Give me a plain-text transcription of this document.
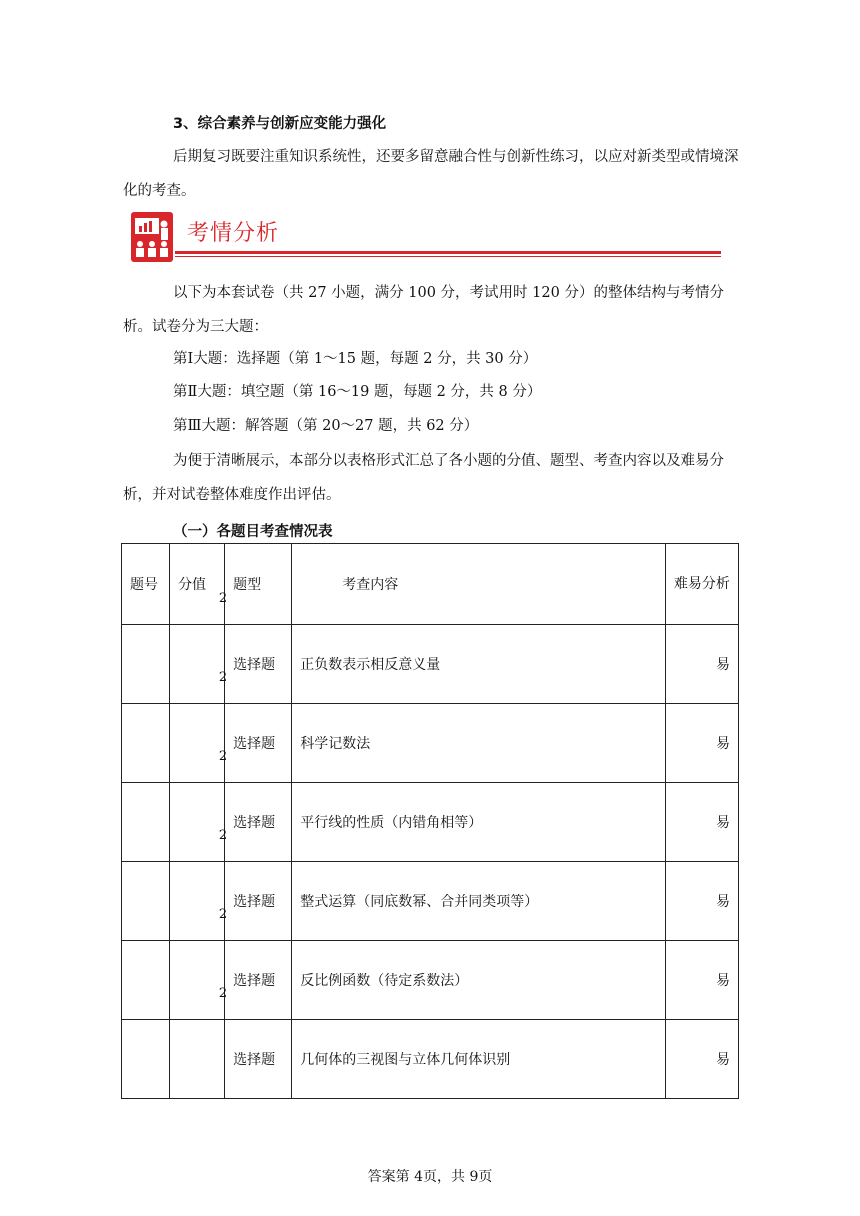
3、综合素养与创新应变能力强化
后期复习既要注重知识系统性，还要多留意融合性与创新性练习，以应对新类型或情境深化的考查。
考情分析
以下为本套试卷（共 27 小题，满分 100 分，考试用时 120 分）的整体结构与考情分析。试卷分为三大题：
第Ⅰ大题：选择题（第 1～15 题，每题 2 分，共 30 分）
第Ⅱ大题：填空题（第 16～19 题，每题 2 分，共 8 分）
第Ⅲ大题：解答题（第 20～27 题，共 62 分）
为便于清晰展示，本部分以表格形式汇总了各小题的分值、题型、考查内容以及难易分析，并对试卷整体难度作出评估。
（一）各题目考查情况表
题号	分值	题型	考查内容	难易分析

	2	选择题	正负数表示相反意义量	易

	2	选择题	科学记数法	易

	2	选择题	平行线的性质（内错角相等）	易

	2	选择题	整式运算（同底数幂、合并同类项等）	易

	2	选择题	反比例函数（待定系数法）	易

	2	选择题	几何体的三视图与立体几何体识别	易
答案第 4页，共 9页
